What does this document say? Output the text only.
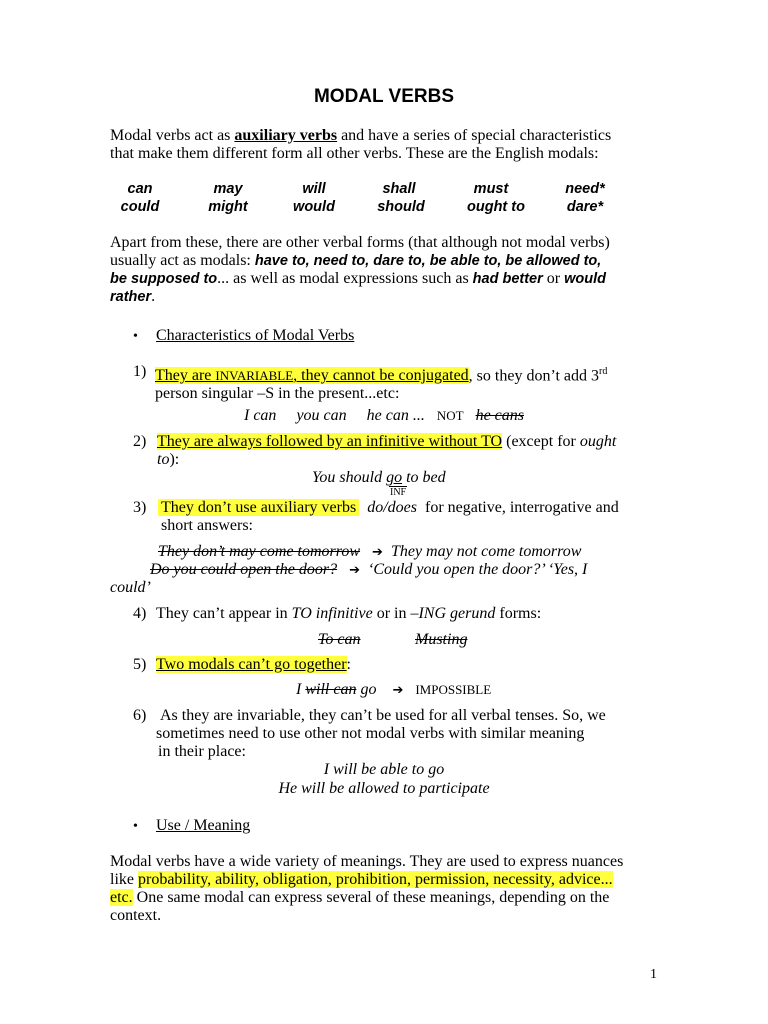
MODAL VERBS
Modal verbs act as auxiliary verbs and have a series of special characteristics
that make them different form all other verbs. These are the English modals:
can	may	will	shall	must	need*
could	might	would	should	ought to	dare*
Apart from these, there are other verbal forms (that although not modal verbs)
usually act as modals: have to, need to, dare to, be able to, be allowed to,
be supposed to... as well as modal expressions such as had better or would
rather.
• Characteristics of Modal Verbs
1) They are INVARIABLE, they cannot be conjugated, so they don’t add 3rd
person singular –S in the present...etc:
I can you can he can ... NOT he cans
2) They are always followed by an infinitive without TO (except for ought
to):
You should go to bed
INF
3) They don’t use auxiliary verbs do/does  for negative, interrogative and
short answers:
They don’t may come tomorrow ➔ They may not come tomorrow
Do you could open the door? ➔ ‘Could you open the door?’ ‘Yes, I
could’
4) They can’t appear in TO infinitive or in –ING gerund forms:
To can	Musting
5) Two modals can’t go together:
I will can go ➔ IMPOSSIBLE
6) As they are invariable, they can’t be used for all verbal tenses. So, we
sometimes need to use other not modal verbs with similar meaning
in their place:
I will be able to go
He will be allowed to participate
• Use / Meaning
Modal verbs have a wide variety of meanings. They are used to express nuances
like probability, ability, obligation, prohibition, permission, necessity, advice...
etc. One same modal can express several of these meanings, depending on the
context.
1
